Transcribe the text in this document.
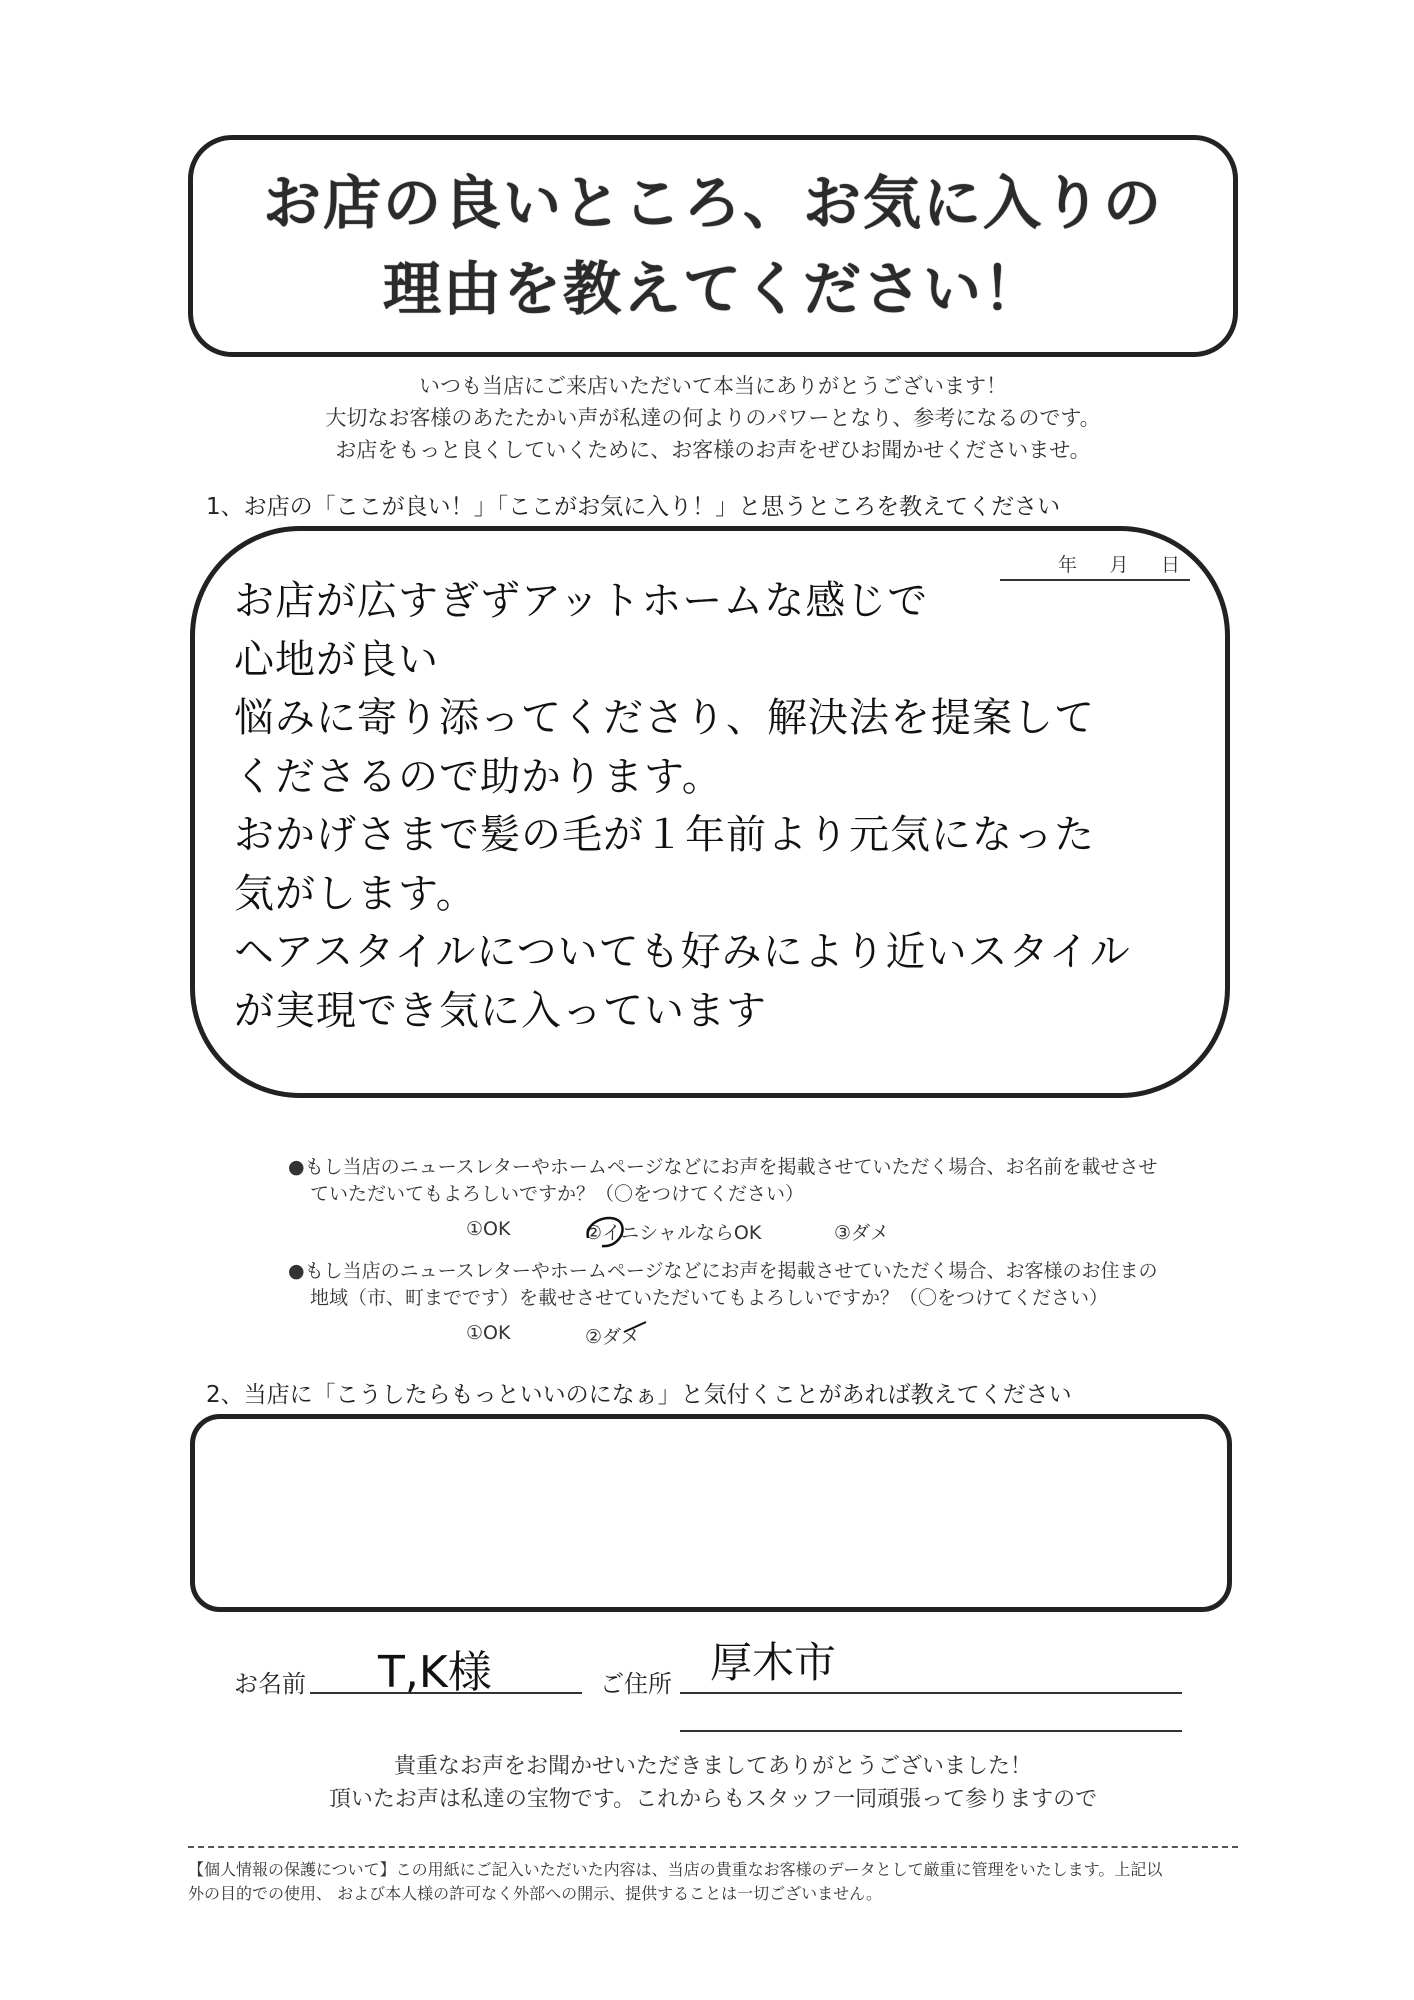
お店の良いところ、お気に入りの
理由を教えてください！
いつも当店にご来店いただいて本当にありがとうございます！
大切なお客様のあたたかい声が私達の何よりのパワーとなり、参考になるのです。
お店をもっと良くしていくために、お客様のお声をぜひお聞かせくださいませ。
1、お店の「ここが良い！」「ここがお気に入り！」と思うところを教えてください
年 月 日
お店が広すぎずアットホームな感じで
心地が良い
悩みに寄り添ってくださり、解決法を提案して
くださるので助かります。
おかげさまで髪の毛が１年前より元気になった
気がします。
ヘアスタイルについても好みにより近いスタイル
が実現でき気に入っています
●もし当店のニュースレターやホームページなどにお声を掲載させていただく場合、お名前を載せさせ
ていただいてもよろしいですか？（〇をつけてください）
①OK	②イニシャルならOK	③ダメ
●もし当店のニュースレターやホームページなどにお声を掲載させていただく場合、お客様のお住まの
地域（市、町までです）を載せさせていただいてもよろしいですか？（〇をつけてください）
①OK	②ダメ
2、当店に「こうしたらもっといいのになぁ」と気付くことがあれば教えてください
お名前 T,K様	ご住所 厚木市
貴重なお声をお聞かせいただきましてありがとうございました！
頂いたお声は私達の宝物です。これからもスタッフ一同頑張って参りますので
【個人情報の保護について】この用紙にご記入いただいた内容は、当店の貴重なお客様のデータとして厳重に管理をいたします。上記以
外の目的での使用、 および本人様の許可なく外部への開示、提供することは一切ございません。
